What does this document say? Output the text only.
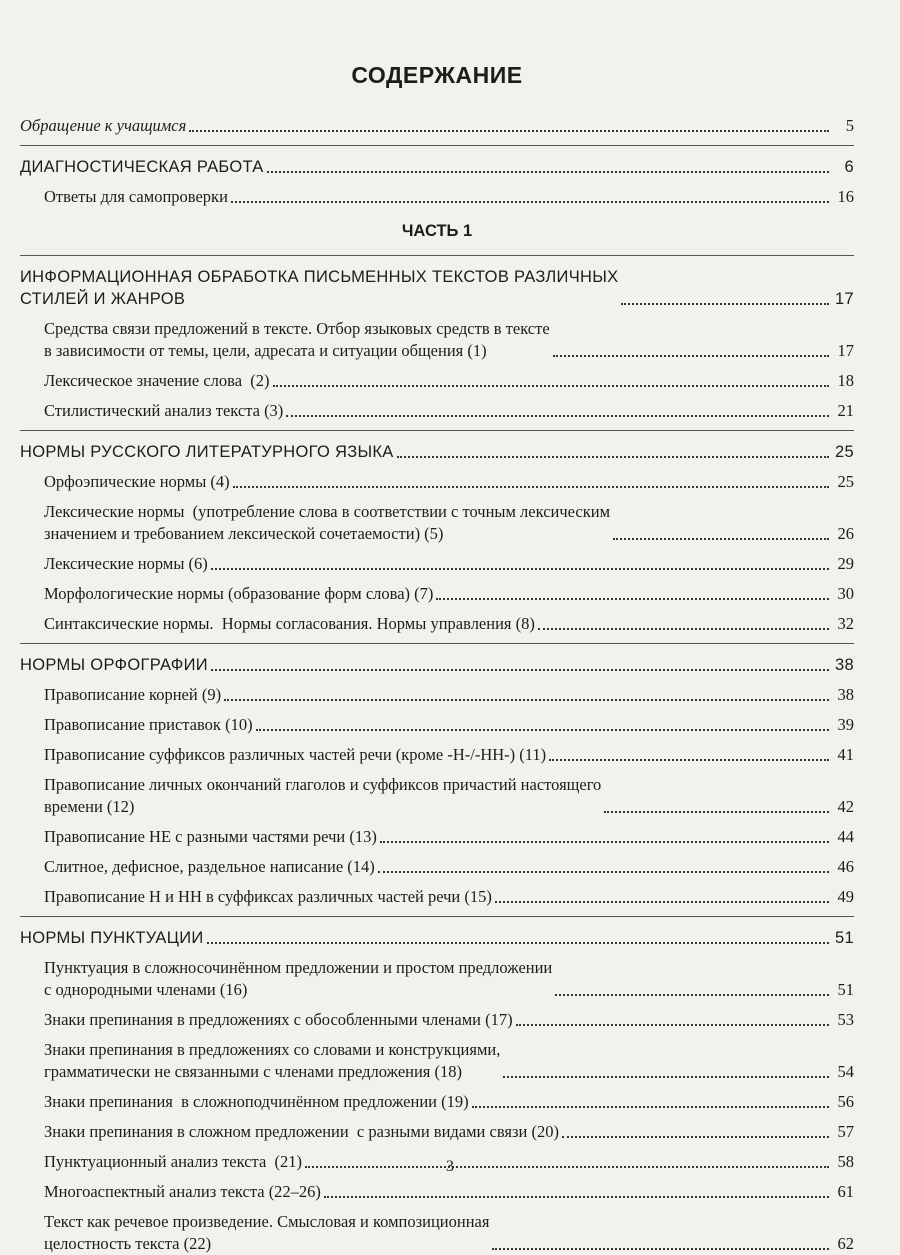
СОДЕРЖАНИЕ
Обращение к учащимся	5
ДИАГНОСТИЧЕСКАЯ РАБОТА	6
Ответы для самопроверки	16
ЧАСТЬ 1
ИНФОРМАЦИОННАЯ ОБРАБОТКА ПИСЬМЕННЫХ ТЕКСТОВ РАЗЛИЧНЫХ
СТИЛЕЙ И ЖАНРОВ	17
Средства связи предложений в тексте. Отбор языковых средств в тексте
в зависимости от темы, цели, адресата и ситуации общения (1)	17
Лексическое значение слова  (2)	18
Стилистический анализ текста (3)	21
НОРМЫ РУССКОГО ЛИТЕРАТУРНОГО ЯЗЫКА	25
Орфоэпические нормы (4)	25
Лексические нормы  (употребление слова в соответствии с точным лексическим
значением и требованием лексической сочетаемости) (5)	26
Лексические нормы (6)	29
Морфологические нормы (образование форм слова) (7)	30
Синтаксические нормы.  Нормы согласования. Нормы управления (8)	32
НОРМЫ ОРФОГРАФИИ	38
Правописание корней (9)	38
Правописание приставок (10)	39
Правописание суффиксов различных частей речи (кроме -Н-/-НН-) (11)	41
Правописание личных окончаний глаголов и суффиксов причастий настоящего
времени (12)	42
Правописание НЕ с разными частями речи (13)	44
Слитное, дефисное, раздельное написание (14)	46
Правописание Н и НН в суффиксах различных частей речи (15)	49
НОРМЫ ПУНКТУАЦИИ	51
Пунктуация в сложносочинённом предложении и простом предложении
с однородными членами (16)	51
Знаки препинания в предложениях с обособленными членами (17)	53
Знаки препинания в предложениях со словами и конструкциями,
грамматически не связанными с членами предложения (18)	54
Знаки препинания  в сложноподчинённом предложении (19)	56
Знаки препинания в сложном предложении  с разными видами связи (20)	57
Пунктуационный анализ текста  (21)	58
Многоаспектный анализ текста (22–26)	61
Текст как речевое произведение. Смысловая и композиционная
целостность текста (22)	62
3
